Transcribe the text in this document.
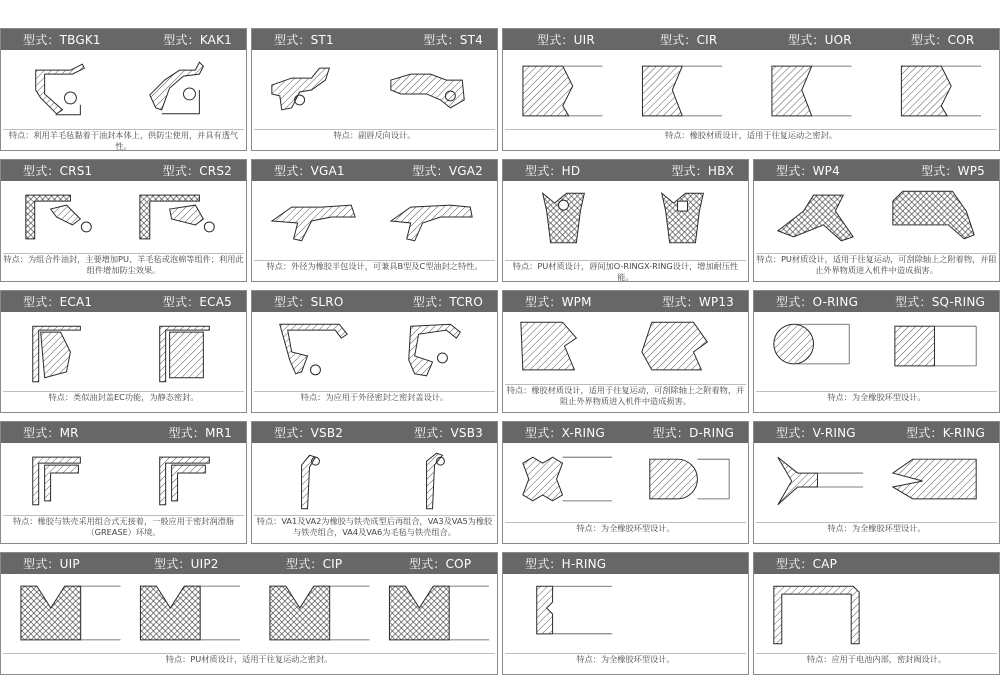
型式：TBGK1	型式：KAK1
特点：利用羊毛毡黏着于油封本体上，供防尘使用，并具有透气性。
型式：ST1	型式：ST4
特点：副唇反向设计。
型式：UIR	型式：CIR	型式：UOR	型式：COR
特点：橡胶材质设计，适用于往复运动之密封。
型式：CRS1	型式：CRS2
特点：为组合件油封，主要增加PU、羊毛毡或泡棉等组件；利用此组件增加防尘效果。
型式：VGA1	型式：VGA2
特点：外径为橡胶半包设计，可兼具B型及C型油封之特性。
型式：HD	型式：HBX
特点：PU材质设计，唇间加O-RINGX-RING设计，增加耐压性能。
型式：WP4	型式：WP5
特点：PU材质设计，适用于往复运动，可刮除轴上之附着物，并阻止外界物质进入机件中造成损害。
型式：ECA1	型式：ECA5
特点：类似油封盖EC功能，为静态密封。
型式：SLRO	型式：TCRO
特点：为应用于外径密封之密封盖设计。
型式：WPM	型式：WP13
特点：橡胶材质设计，适用于往复运动，可刮除轴上之附着物，并阻止外界物质进入机件中造成损害。
型式：O-RING	型式：SQ-RING
特点：为全橡胶环型设计。
型式：MR	型式：MR1
特点：橡胶与铁壳采用组合式无接着，一般应用于密封润滑脂（GREASE）环境。
型式：VSB2	型式：VSB3
特点：VA1及VA2为橡胶与铁壳成型后再组合，VA3及VA5为橡胶与铁壳组合，VA4及VA6为毛毡与铁壳组合。
型式：X-RING	型式：D-RING
特点：为全橡胶环型设计。
型式：V-RING	型式：K-RING
特点：为全橡胶环型设计。
型式：UIP	型式：UIP2	型式：CIP	型式：COP
特点：PU材质设计，适用于往复运动之密封。
型式：H-RING
特点：为全橡胶环型设计。
型式：CAP
特点：应用于电池内部，密封阀设计。
